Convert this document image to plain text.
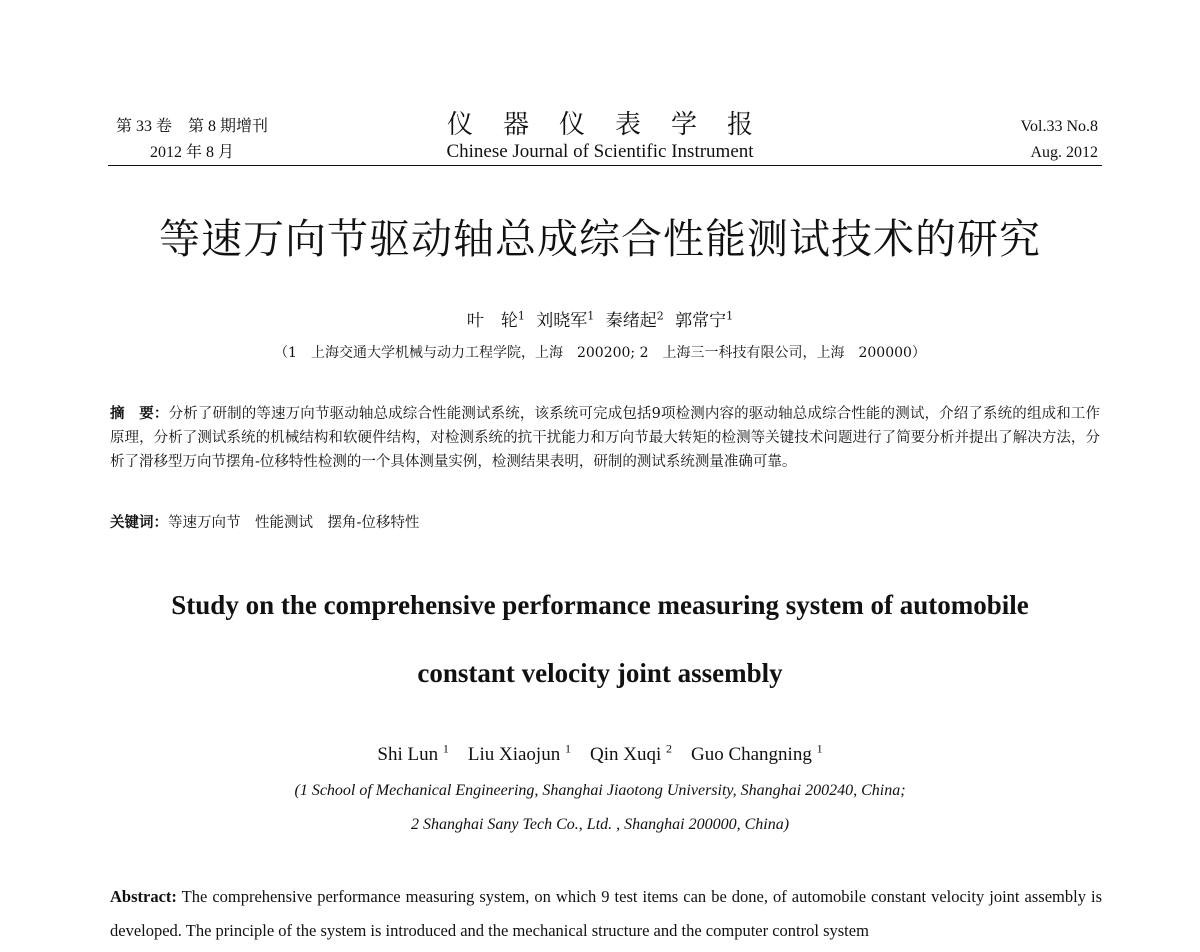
第 33 卷　第 8 期增刊
2012 年 8 月
仪器仪表学报
Chinese Journal of Scientific Instrument
Vol.33 No.8
Aug. 2012
等速万向节驱动轴总成综合性能测试技术的研究
叶　轮$^1$ 刘晓军$^1$ 秦绪起$^2$ 郭常宁$^1$
（1　上海交通大学机械与动力工程学院，上海　200200; 2　上海三一科技有限公司，上海　200000）
摘　要：分析了研制的等速万向节驱动轴总成综合性能测试系统，该系统可完成包括9项检测内容的驱动轴总成综合性能的测试，介绍了系统的组成和工作原理，分析了测试系统的机械结构和软硬件结构，对检测系统的抗干扰能力和万向节最大转矩的检测等关键技术问题进行了简要分析并提出了解决方法，分析了滑移型万向节摆角-位移特性检测的一个具体测量实例，检测结果表明，研制的测试系统测量准确可靠。
关键词：等速万向节　性能测试　摆角-位移特性
Study on the comprehensive performance measuring system of automobile
constant velocity joint assembly
Shi Lun $^1$ Liu Xiaojun $^1$ Qin Xuqi $^2$ Guo Changning $^1$
(1 School of Mechanical Engineering, Shanghai Jiaotong University, Shanghai 200240, China;
2 Shanghai Sany Tech Co., Ltd. , Shanghai 200000, China)
Abstract: The comprehensive performance measuring system, on which 9 test items can be done, of automobile constant velocity joint assembly is developed. The principle of the system is introduced and the mechanical structure and the computer control system
